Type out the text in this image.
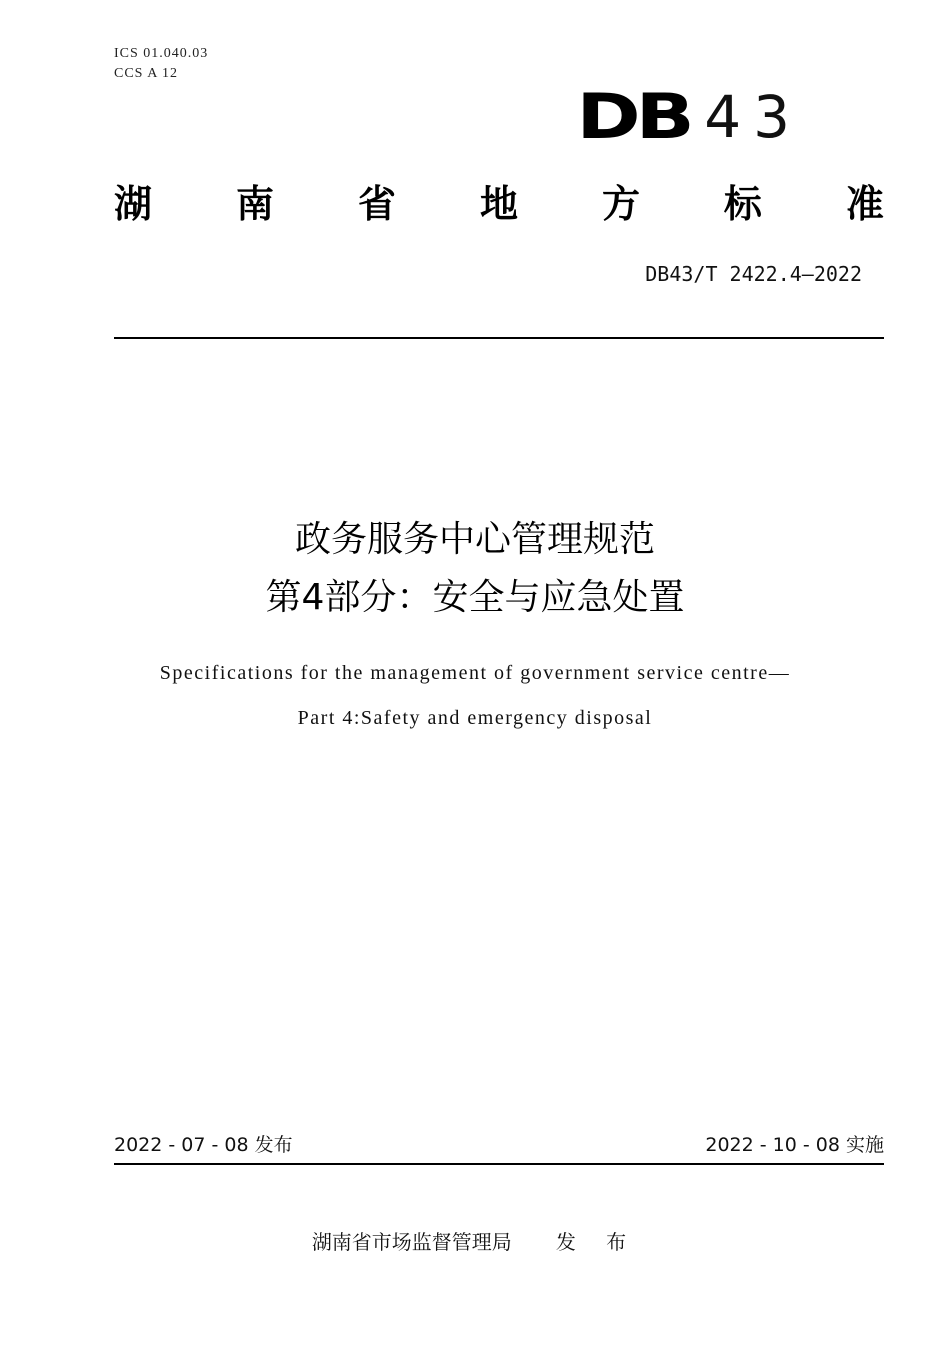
ICS 01.040.03
CCS A 12
DB 43
湖 南 省 地 方 标 准
DB43/T 2422.4—2022
政务服务中心管理规范
第4部分：安全与应急处置
Specifications for the management of government service centre—
Part 4:Safety and emergency disposal
2022 - 07 - 08 发布	2022 - 10 - 08 实施
湖南省市场监督管理局 发 布
